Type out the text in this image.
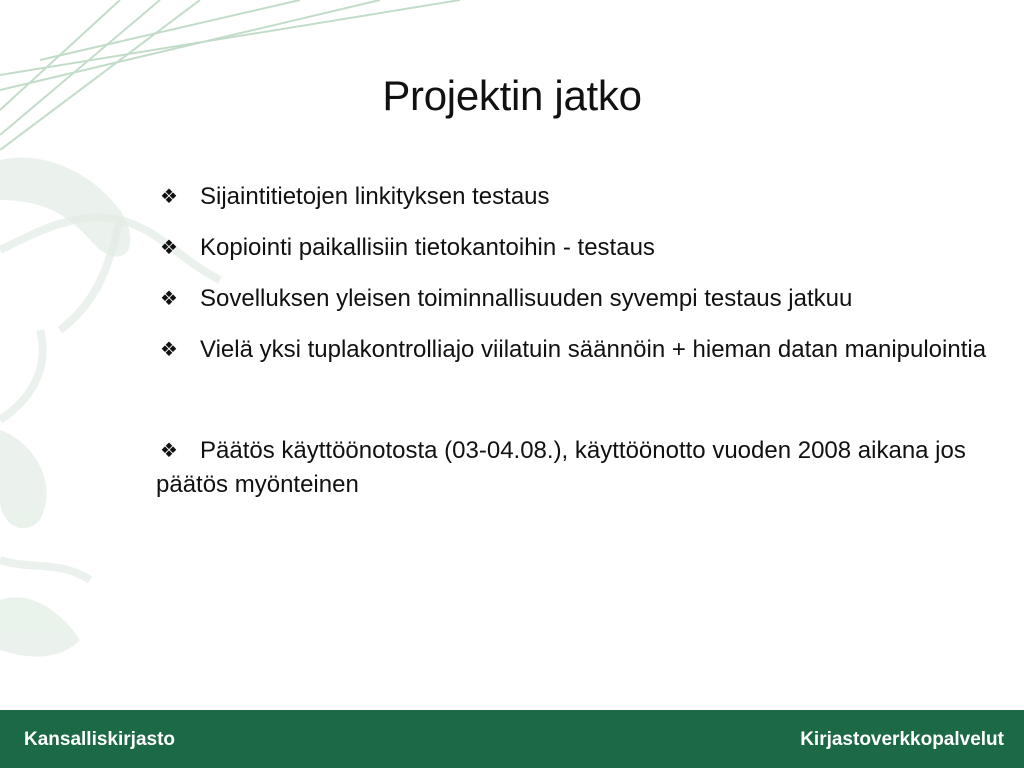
Projektin jatko
❖ Sijaintitietojen linkityksen testaus
❖ Kopiointi paikallisiin tietokantoihin - testaus
❖ Sovelluksen yleisen toiminnallisuuden syvempi testaus jatkuu
❖ Vielä yksi tuplakontrolliajo viilatuin säännöin + hieman datan manipulointia
❖ Päätös käyttöönotosta (03-04.08.), käyttöönotto vuoden 2008 aikana jos päätös myönteinen
Kansalliskirjasto	Kirjastoverkkopalvelut
